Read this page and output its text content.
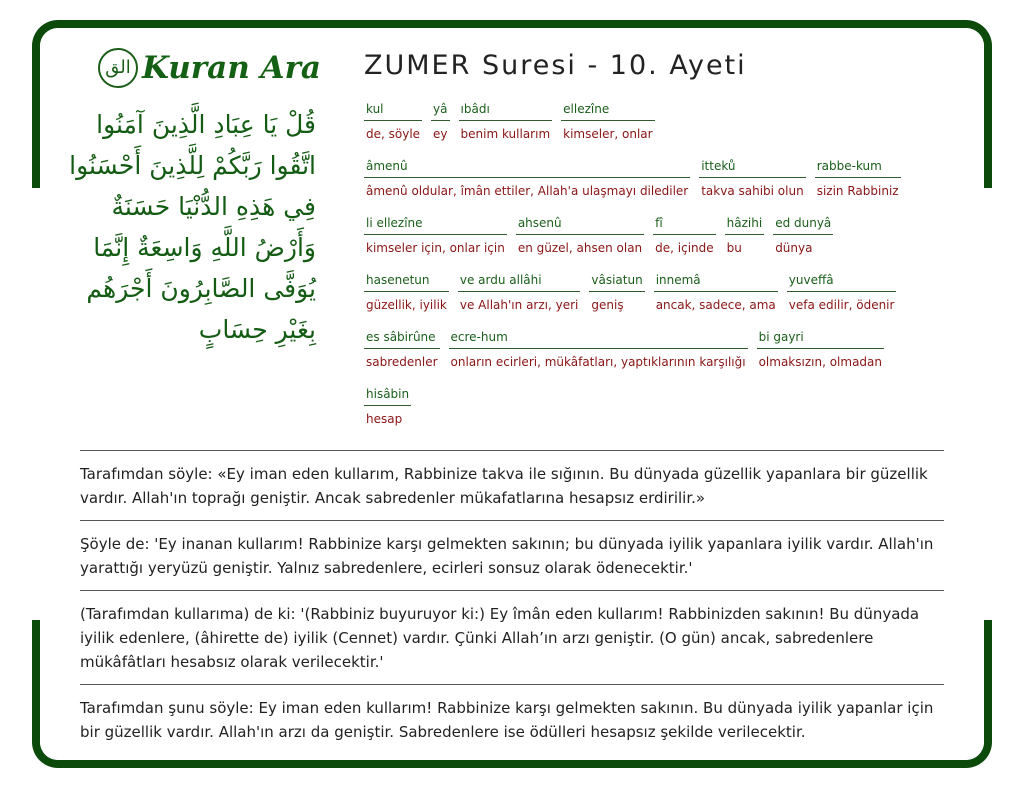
الق Kuran Ara
قُلْ يَا عِبَادِ الَّذِينَ آمَنُوا
اتَّقُوا رَبَّكُمْ لِلَّذِينَ أَحْسَنُوا
فِي هَذِهِ الدُّنْيَا حَسَنَةٌ
وَأَرْضُ اللَّهِ وَاسِعَةٌ إِنَّمَا
يُوَفَّى الصَّابِرُونَ أَجْرَهُم
بِغَيْرِ حِسَابٍ
ZUMER Suresi - 10. Ayeti
kul
de, söyle
yâ
ey
ıbâdı
benim kullarım
ellezîne
kimseler, onlar
âmenû
âmenû oldular, îmân ettiler, Allah'a ulaşmayı dilediler
itteků
takva sahibi olun
rabbe-kum
sizin Rabbiniz
li ellezîne
kimseler için, onlar için
ahsenû
en güzel, ahsen olan
fî
de, içinde
hâzihi
bu
ed dunyâ
dünya
hasenetun
güzellik, iyilik
ve ardu allâhi
ve Allah'ın arzı, yeri
vâsiatun
geniş
innemâ
ancak, sadece, ama
yuveffâ
vefa edilir, ödenir
es sâbirûne
sabredenler
ecre-hum
onların ecirleri, mükâfatları, yaptıklarının karşılığı
bi gayri
olmaksızın, olmadan
hisâbin
hesap
Tarafımdan söyle: «Ey iman eden kullarım, Rabbinize takva ile sığının. Bu dünyada güzellik yapanlara bir güzellik vardır. Allah'ın toprağı geniştir. Ancak sabredenler mükafatlarına hesapsız erdirilir.»
Şöyle de: 'Ey inanan kullarım! Rabbinize karşı gelmekten sakının; bu dünyada iyilik yapanlara iyilik vardır. Allah'ın yarattığı yeryüzü geniştir. Yalnız sabredenlere, ecirleri sonsuz olarak ödenecektir.'
(Tarafımdan kullarıma) de ki: '(Rabbiniz buyuruyor ki:) Ey îmân eden kullarım! Rabbinizden sakının! Bu dünyada iyilik edenlere, (âhirette de) iyilik (Cennet) vardır. Çünki Allah’ın arzı geniştir. (O gün) ancak, sabredenlere mükâfâtları hesabsız olarak verilecektir.'
Tarafımdan şunu söyle: Ey iman eden kullarım! Rabbinize karşı gelmekten sakının. Bu dünyada iyilik yapanlar için bir güzellik vardır. Allah'ın arzı da geniştir. Sabredenlere ise ödülleri hesapsız şekilde verilecektir.
